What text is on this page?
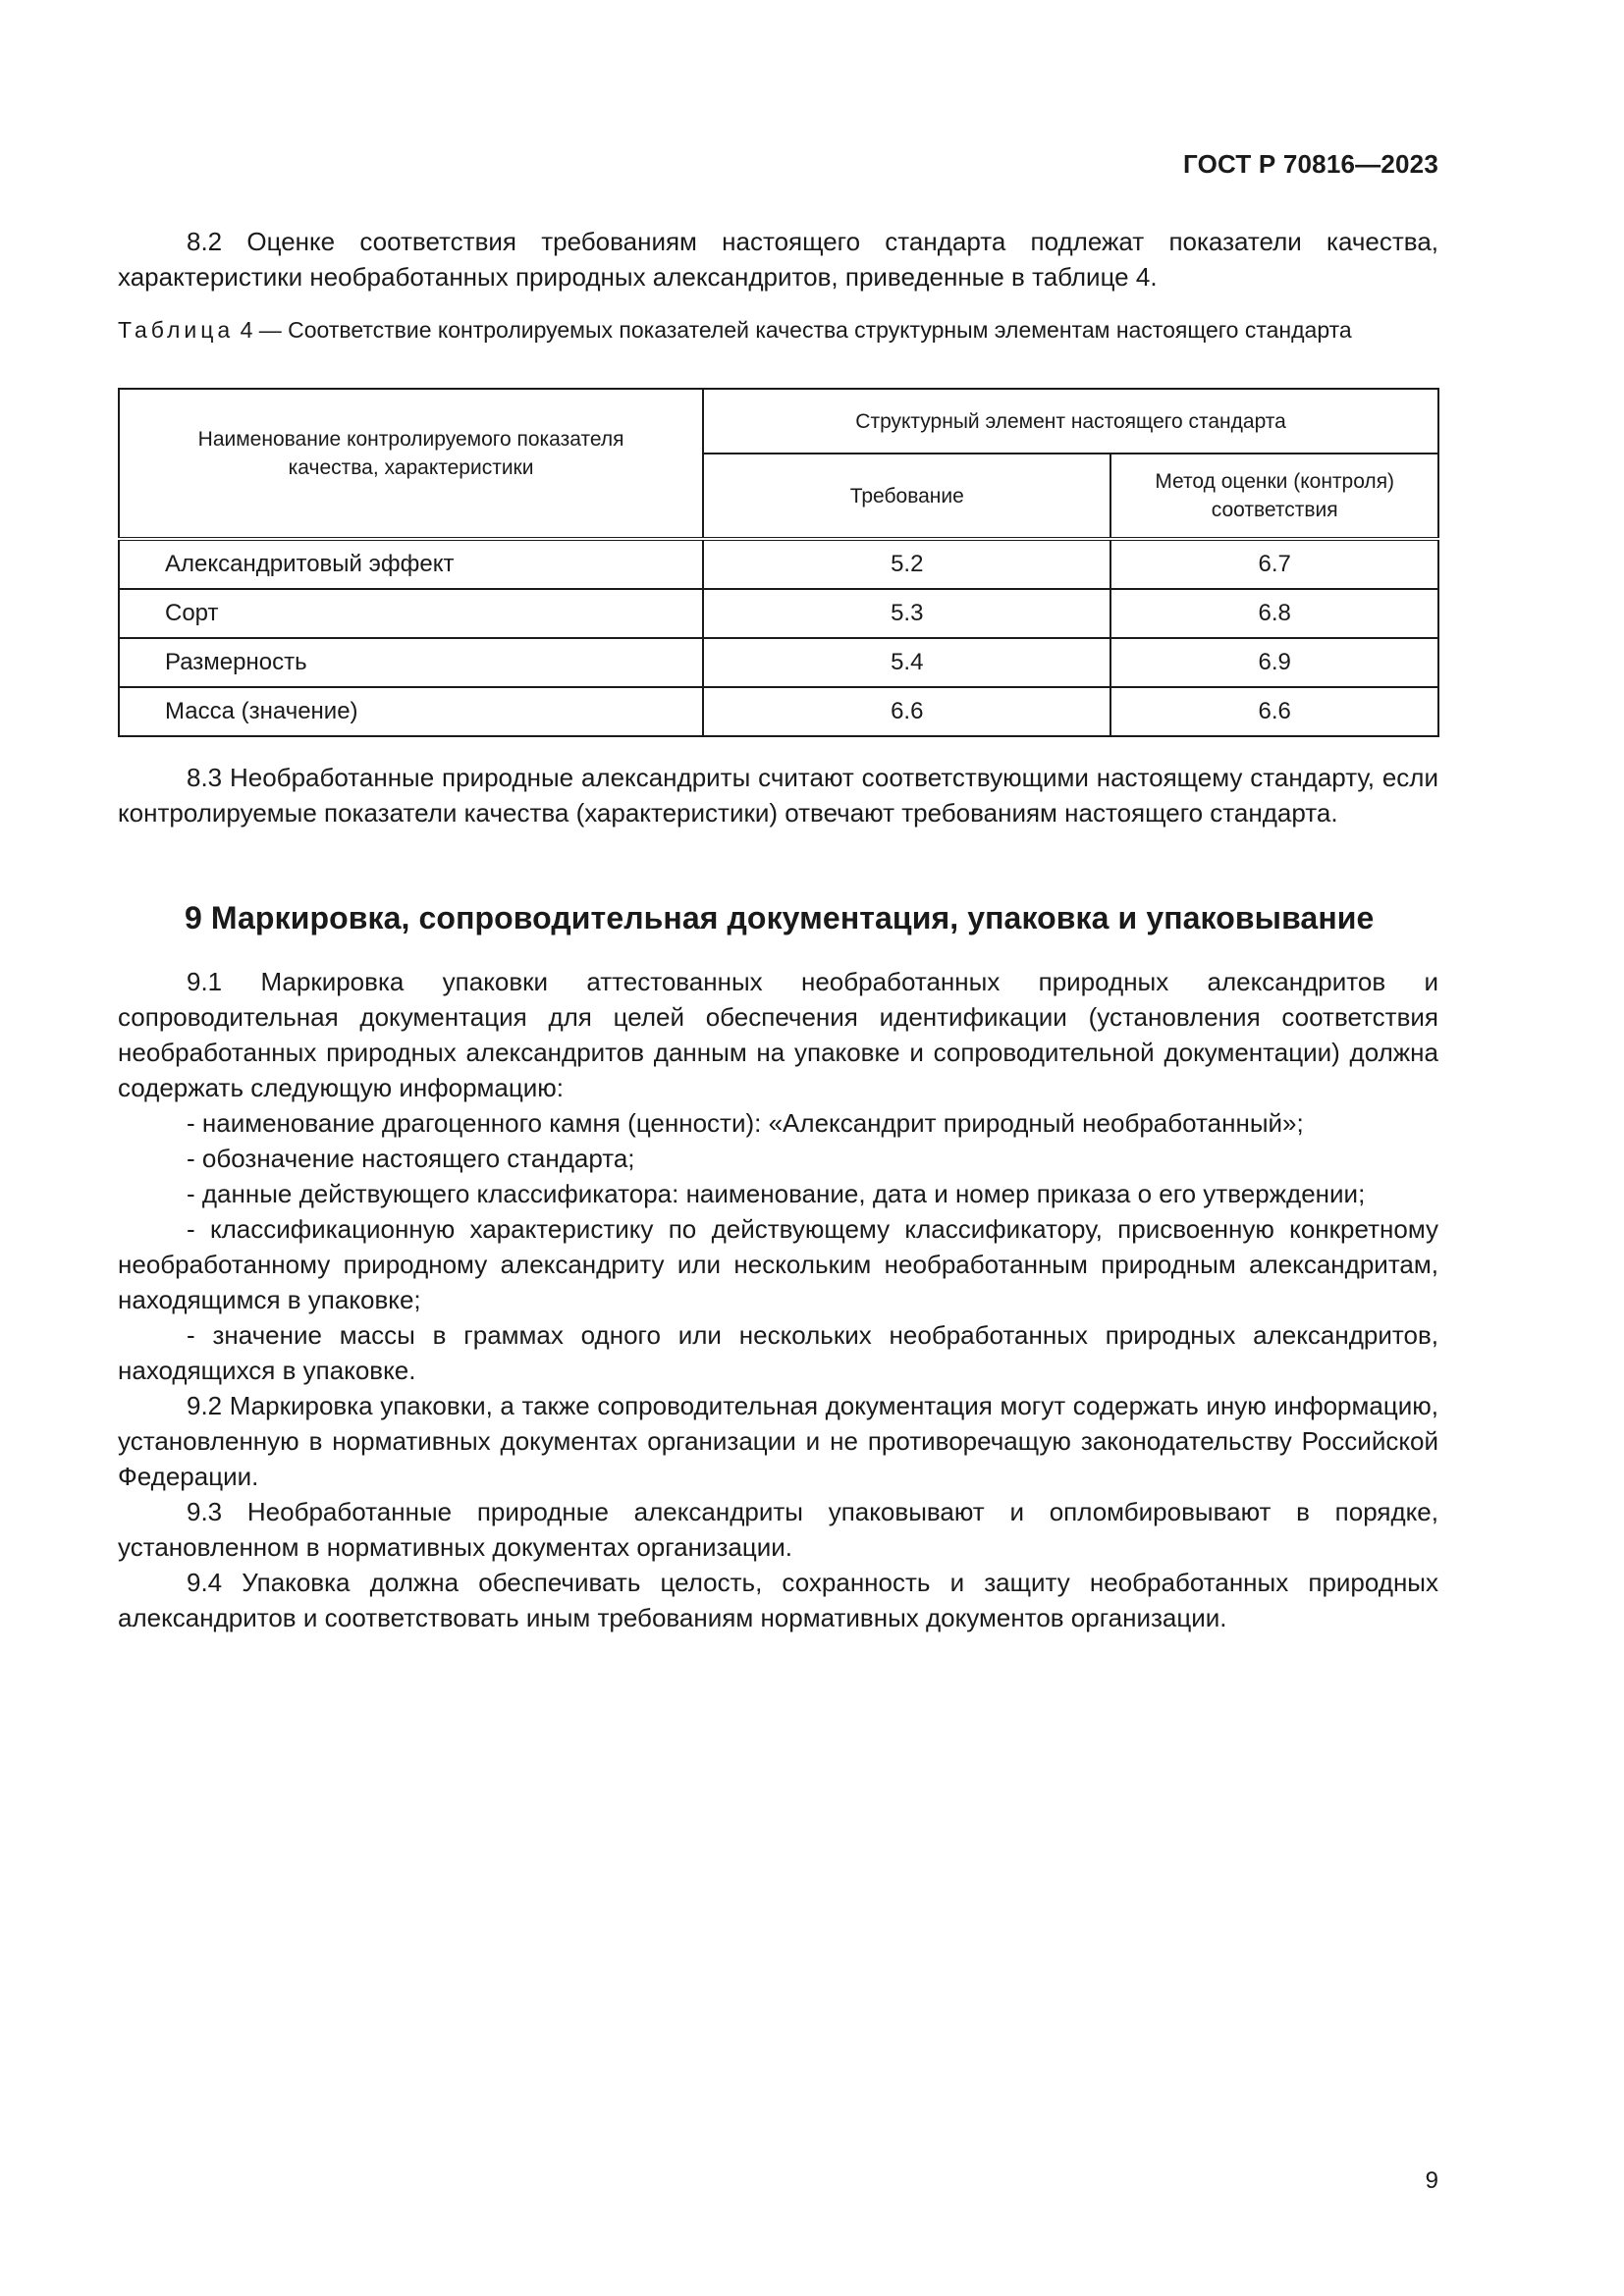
ГОСТ Р 70816—2023

8.2 Оценке соответствия требованиям настоящего стандарта подлежат показатели качества, характеристики необработанных природных александритов, приведенные в таблице 4.

Таблица 4 — Соответствие контролируемых показателей качества структурным элементам настоящего стандарта

Наименование контролируемого показателя качества, характеристики	Структурный элемент настоящего стандарта	
	Требование	Метод оценки (контроля) соответствия

Александритовый эффект	5.2	6.7
Сорт	5.3	6.8
Размерность	5.4	6.9
Масса (значение)	6.6	6.6

8.3 Необработанные природные александриты считают соответствующими настоящему стандарту, если контролируемые показатели качества (характеристики) отвечают требованиям настоящего стандарта.

9 Маркировка, сопроводительная документация, упаковка и упаковывание

9.1 Маркировка упаковки аттестованных необработанных природных александритов и сопроводительная документация для целей обеспечения идентификации (установления соответствия необработанных природных александритов данным на упаковке и сопроводительной документации) должна содержать следующую информацию:

- наименование драгоценного камня (ценности): «Александрит природный необработанный»;

- обозначение настоящего стандарта;

- данные действующего классификатора: наименование, дата и номер приказа о его утверждении;

- классификационную характеристику по действующему классификатору, присвоенную конкретному необработанному природному александриту или нескольким необработанным природным александритам, находящимся в упаковке;

- значение массы в граммах одного или нескольких необработанных природных александритов, находящихся в упаковке.

9.2 Маркировка упаковки, а также сопроводительная документация могут содержать иную информацию, установленную в нормативных документах организации и не противоречащую законодательству Российской Федерации.

9.3 Необработанные природные александриты упаковывают и опломбировывают в порядке, установленном в нормативных документах организации.

9.4 Упаковка должна обеспечивать целость, сохранность и защиту необработанных природных александритов и соответствовать иным требованиям нормативных документов организации.

9
